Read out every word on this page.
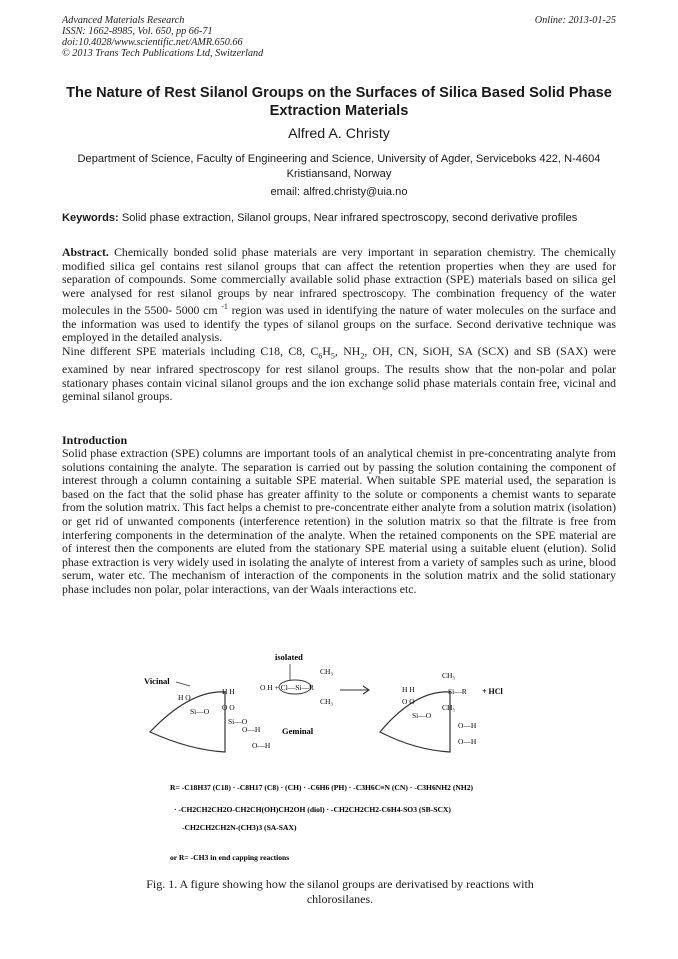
Advanced Materials Research
ISSN: 1662-8985, Vol. 650, pp 66-71
doi:10.4028/www.scientific.net/AMR.650.66
© 2013 Trans Tech Publications Ltd, Switzerland
Online: 2013-01-25
The Nature of Rest Silanol Groups on the Surfaces of Silica Based Solid Phase Extraction Materials
Alfred A. Christy
Department of Science, Faculty of Engineering and Science, University of Agder, Serviceboks 422, N-4604 Kristiansand, Norway
email: alfred.christy@uia.no
Keywords: Solid phase extraction, Silanol groups, Near infrared spectroscopy, second derivative profiles

Abstract. Chemically bonded solid phase materials are very important in separation chemistry. The chemically modified silica gel contains rest silanol groups that can affect the retention properties when they are used for separation of compounds. Some commercially available solid phase extraction (SPE) materials based on silica gel were analysed for rest silanol groups by near infrared spectroscopy. The combination frequency of the water molecules in the 5500- 5000 cm $^{-1}$ region was used in identifying the nature of water molecules on the surface and the information was used to identify the types of silanol groups on the surface. Second derivative technique was employed in the detailed analysis.

Nine different SPE materials including C18, C8, $C_6H_5$, $NH_2$, OH, CN, SiOH, SA (SCX) and SB (SAX) were examined by near infrared spectroscopy for rest silanol groups. The results show that the non-polar and polar stationary phases contain vicinal silanol groups and the ion exchange solid phase materials contain free, vicinal and geminal silanol groups.

Introduction
Solid phase extraction (SPE) columns are important tools of an analytical chemist in pre-concentrating analyte from solutions containing the analyte. The separation is carried out by passing the solution containing the component of interest through a column containing a suitable SPE material. When suitable SPE material used, the separation is based on the fact that the solid phase has greater affinity to the solute or components a chemist wants to separate from the solution matrix. This fact helps a chemist to pre-concentrate either analyte from a solution matrix (isolation) or get rid of unwanted components (interference retention) in the solution matrix so that the filtrate is free from interfering components in the determination of the analyte. When the retained components on the SPE material are of interest then the components are eluted from the stationary SPE material using a suitable eluent (elution). Solid phase extraction is very widely used in isolating the analyte of interest from a variety of samples such as urine, blood serum, water etc. The mechanism of interaction of the components in the solution matrix and the solid stationary phase includes non polar, polar interactions, van der Waals interactions etc.
Vicinal
isolated
H O
Si—O
H H
O O
Si—O
O H + Cl—Si—R
CH₃
CH₃
O—H
O—H
Geminal
H H
O O
Si—O
CH₃
Si—R
CH₃
O—H
O—H
+ HCl
R= -C18H37 (C18) · -C8H17 (C8) · (CH) · -C6H6 (PH) · -C3H6C≡N (CN) · -C3H6NH2 (NH2)
· -CH2CH2CH2O-CH2CH(OH)CH2OH (diol) · -CH2CH2CH2-C6H4-SO3 (SB-SCX)
-CH2CH2CH2N-(CH3)3 (SA-SAX)
or R= -CH3 in end capping reactions
Fig. 1. A figure showing how the silanol groups are derivatised by reactions with chlorosilanes.
